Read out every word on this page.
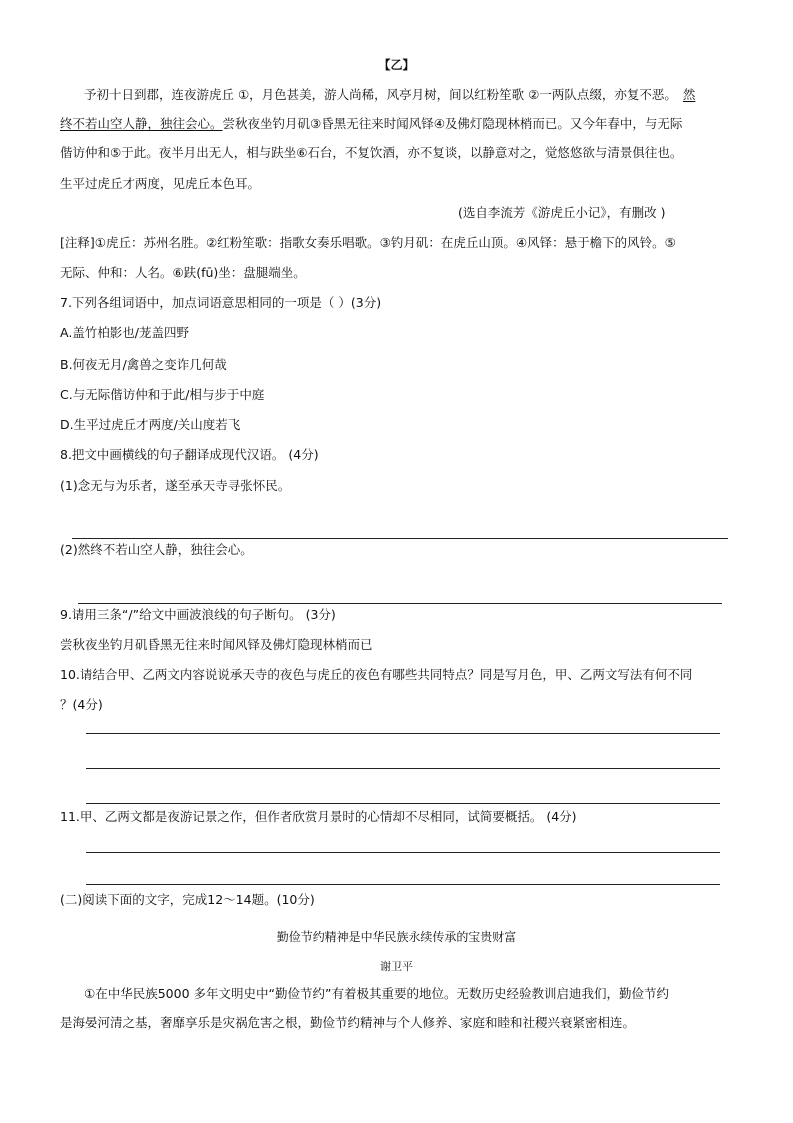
【乙】
予初十日到郡，连夜游虎丘 ①，月色甚美，游人尚稀，风亭月树，间以红粉笙歌 ②一两队点缀，亦复不恶。 然
终不若山空人静，独往会心。尝秋夜坐钓月矶③昏黑无往来时闻风铎④及佛灯隐现林梢而已。又今年春中，与无际
偕访仲和⑤于此。夜半月出无人，相与趺坐⑥石台，不复饮酒，亦不复谈，以静意对之，觉悠悠欲与清景俱往也。
生平过虎丘才两度，见虎丘本色耳。
(选自李流芳《游虎丘小记》，有删改 )
[注释]①虎丘：苏州名胜。②红粉笙歌：指歌女奏乐唱歌。③钓月矶：在虎丘山顶。④风铎：悬于檐下的风铃。⑤
无际、仲和：人名。⑥趺(fū)坐：盘腿端坐。
7.下列各组词语中，加点词语意思相同的一项是（ ）(3分)
A.盖竹柏影也/茏盖四野
B.何夜无月/禽兽之变诈几何哉
C.与无际偕访仲和于此/相与步于中庭
D.生平过虎丘才两度/关山度若飞
8.把文中画横线的句子翻译成现代汉语。 (4分)
(1)念无与为乐者，遂至承天寺寻张怀民。
(2)然终不若山空人静，独往会心。
9.请用三条“/”给文中画波浪线的句子断句。 (3分)
尝秋夜坐钓月矶昏黑无往来时闻风铎及佛灯隐现林梢而已
10.请结合甲、乙两文内容说说承天寺的夜色与虎丘的夜色有哪些共同特点？同是写月色，甲、乙两文写法有何不同
？(4分)
11.甲、乙两文都是夜游记景之作，但作者欣赏月景时的心情却不尽相同，试简要概括。 (4分)
(二)阅读下面的文字，完成12～14题。(10分)
勤俭节约精神是中华民族永续传承的宝贵财富
谢卫平
①在中华民族5000 多年文明史中“勤俭节约”有着极其重要的地位。无数历史经验教训启迪我们，勤俭节约
是海晏河清之基，奢靡享乐是灾祸危害之根，勤俭节约精神与个人修养、家庭和睦和社稷兴衰紧密相连。
